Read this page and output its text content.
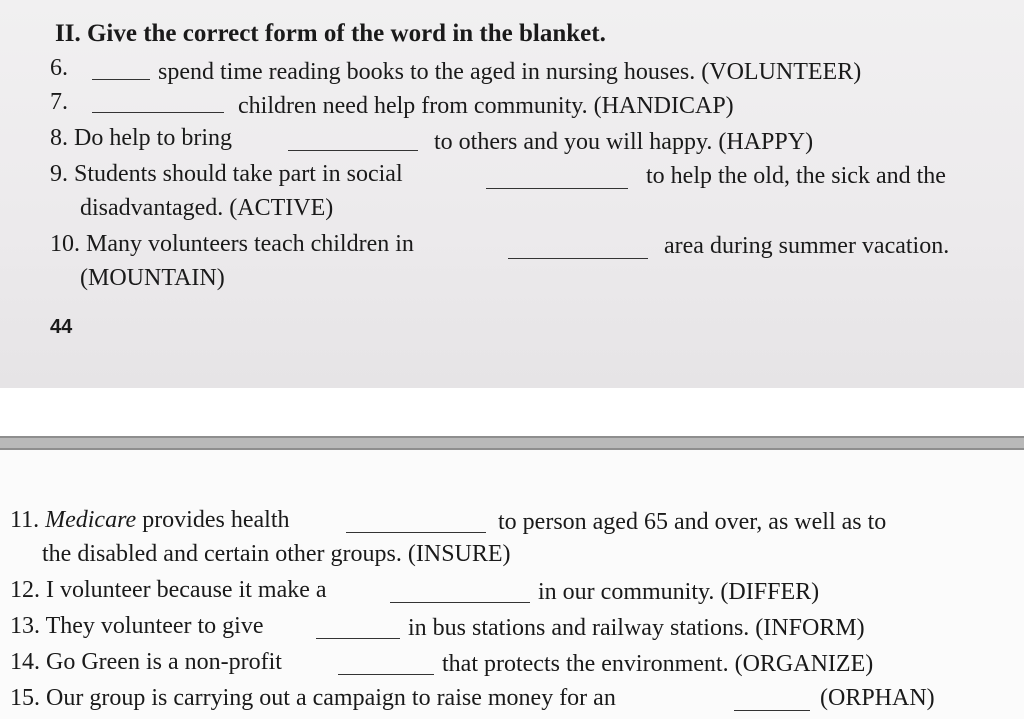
II. Give the correct form of the word in the blanket.
6.	spend time reading books to the aged in nursing houses. (VOLUNTEER)
7.	children need help from community. (HANDICAP)
8. Do help to bring	to others and you will happy. (HAPPY)
9. Students should take part in social	to help the old, the sick and the
disadvantaged. (ACTIVE)
10. Many volunteers teach children in	area during summer vacation.
(MOUNTAIN)
44
11. Medicare provides health	to person aged 65 and over, as well as to
the disabled and certain other groups. (INSURE)
12. I volunteer because it make a	in our community. (DIFFER)
13. They volunteer to give	in bus stations and railway stations. (INFORM)
14. Go Green is a non-profit	that protects the environment. (ORGANIZE)
15. Our group is carrying out a campaign to raise money for an	(ORPHAN)
